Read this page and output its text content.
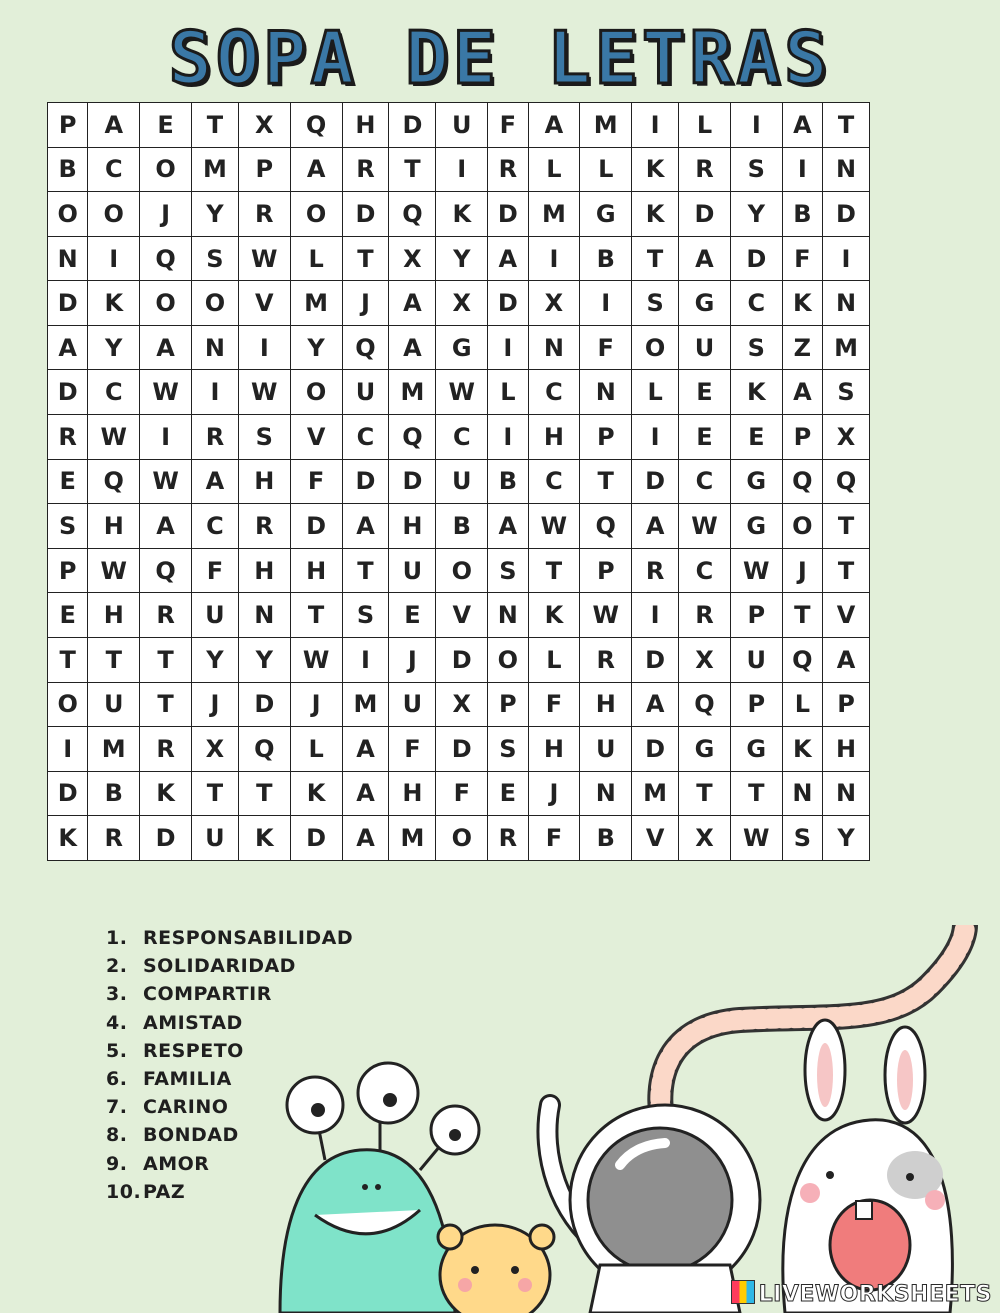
SOPA DE LETRAS
P	A	E	T	X	Q	H	D	U	F	A	M	I	L	I	A	T
B	C	O	M	P	A	R	T	I	R	L	L	K	R	S	I	N
O	O	J	Y	R	O	D	Q	K	D	M	G	K	D	Y	B	D
N	I	Q	S	W	L	T	X	Y	A	I	B	T	A	D	F	I
D	K	O	O	V	M	J	A	X	D	X	I	S	G	C	K	N
A	Y	A	N	I	Y	Q	A	G	I	N	F	O	U	S	Z	M
D	C	W	I	W	O	U	M	W	L	C	N	L	E	K	A	S
R	W	I	R	S	V	C	Q	C	I	H	P	I	E	E	P	X
E	Q	W	A	H	F	D	D	U	B	C	T	D	C	G	Q	Q
S	H	A	C	R	D	A	H	B	A	W	Q	A	W	G	O	T
P	W	Q	F	H	H	T	U	O	S	T	P	R	C	W	J	T
E	H	R	U	N	T	S	E	V	N	K	W	I	R	P	T	V
T	T	T	Y	Y	W	I	J	D	O	L	R	D	X	U	Q	A
O	U	T	J	D	J	M	U	X	P	F	H	A	Q	P	L	P
I	M	R	X	Q	L	A	F	D	S	H	U	D	G	G	K	H
D	B	K	T	T	K	A	H	F	E	J	N	M	T	T	N	N
K	R	D	U	K	D	A	M	O	R	F	B	V	X	W	S	Y
1. RESPONSABILIDAD
2. SOLIDARIDAD
3. COMPARTIR
4. AMISTAD
5. RESPETO
6. FAMILIA
7. CARINO
8. BONDAD
9. AMOR
10.PAZ
LIVEWORKSHEETS
